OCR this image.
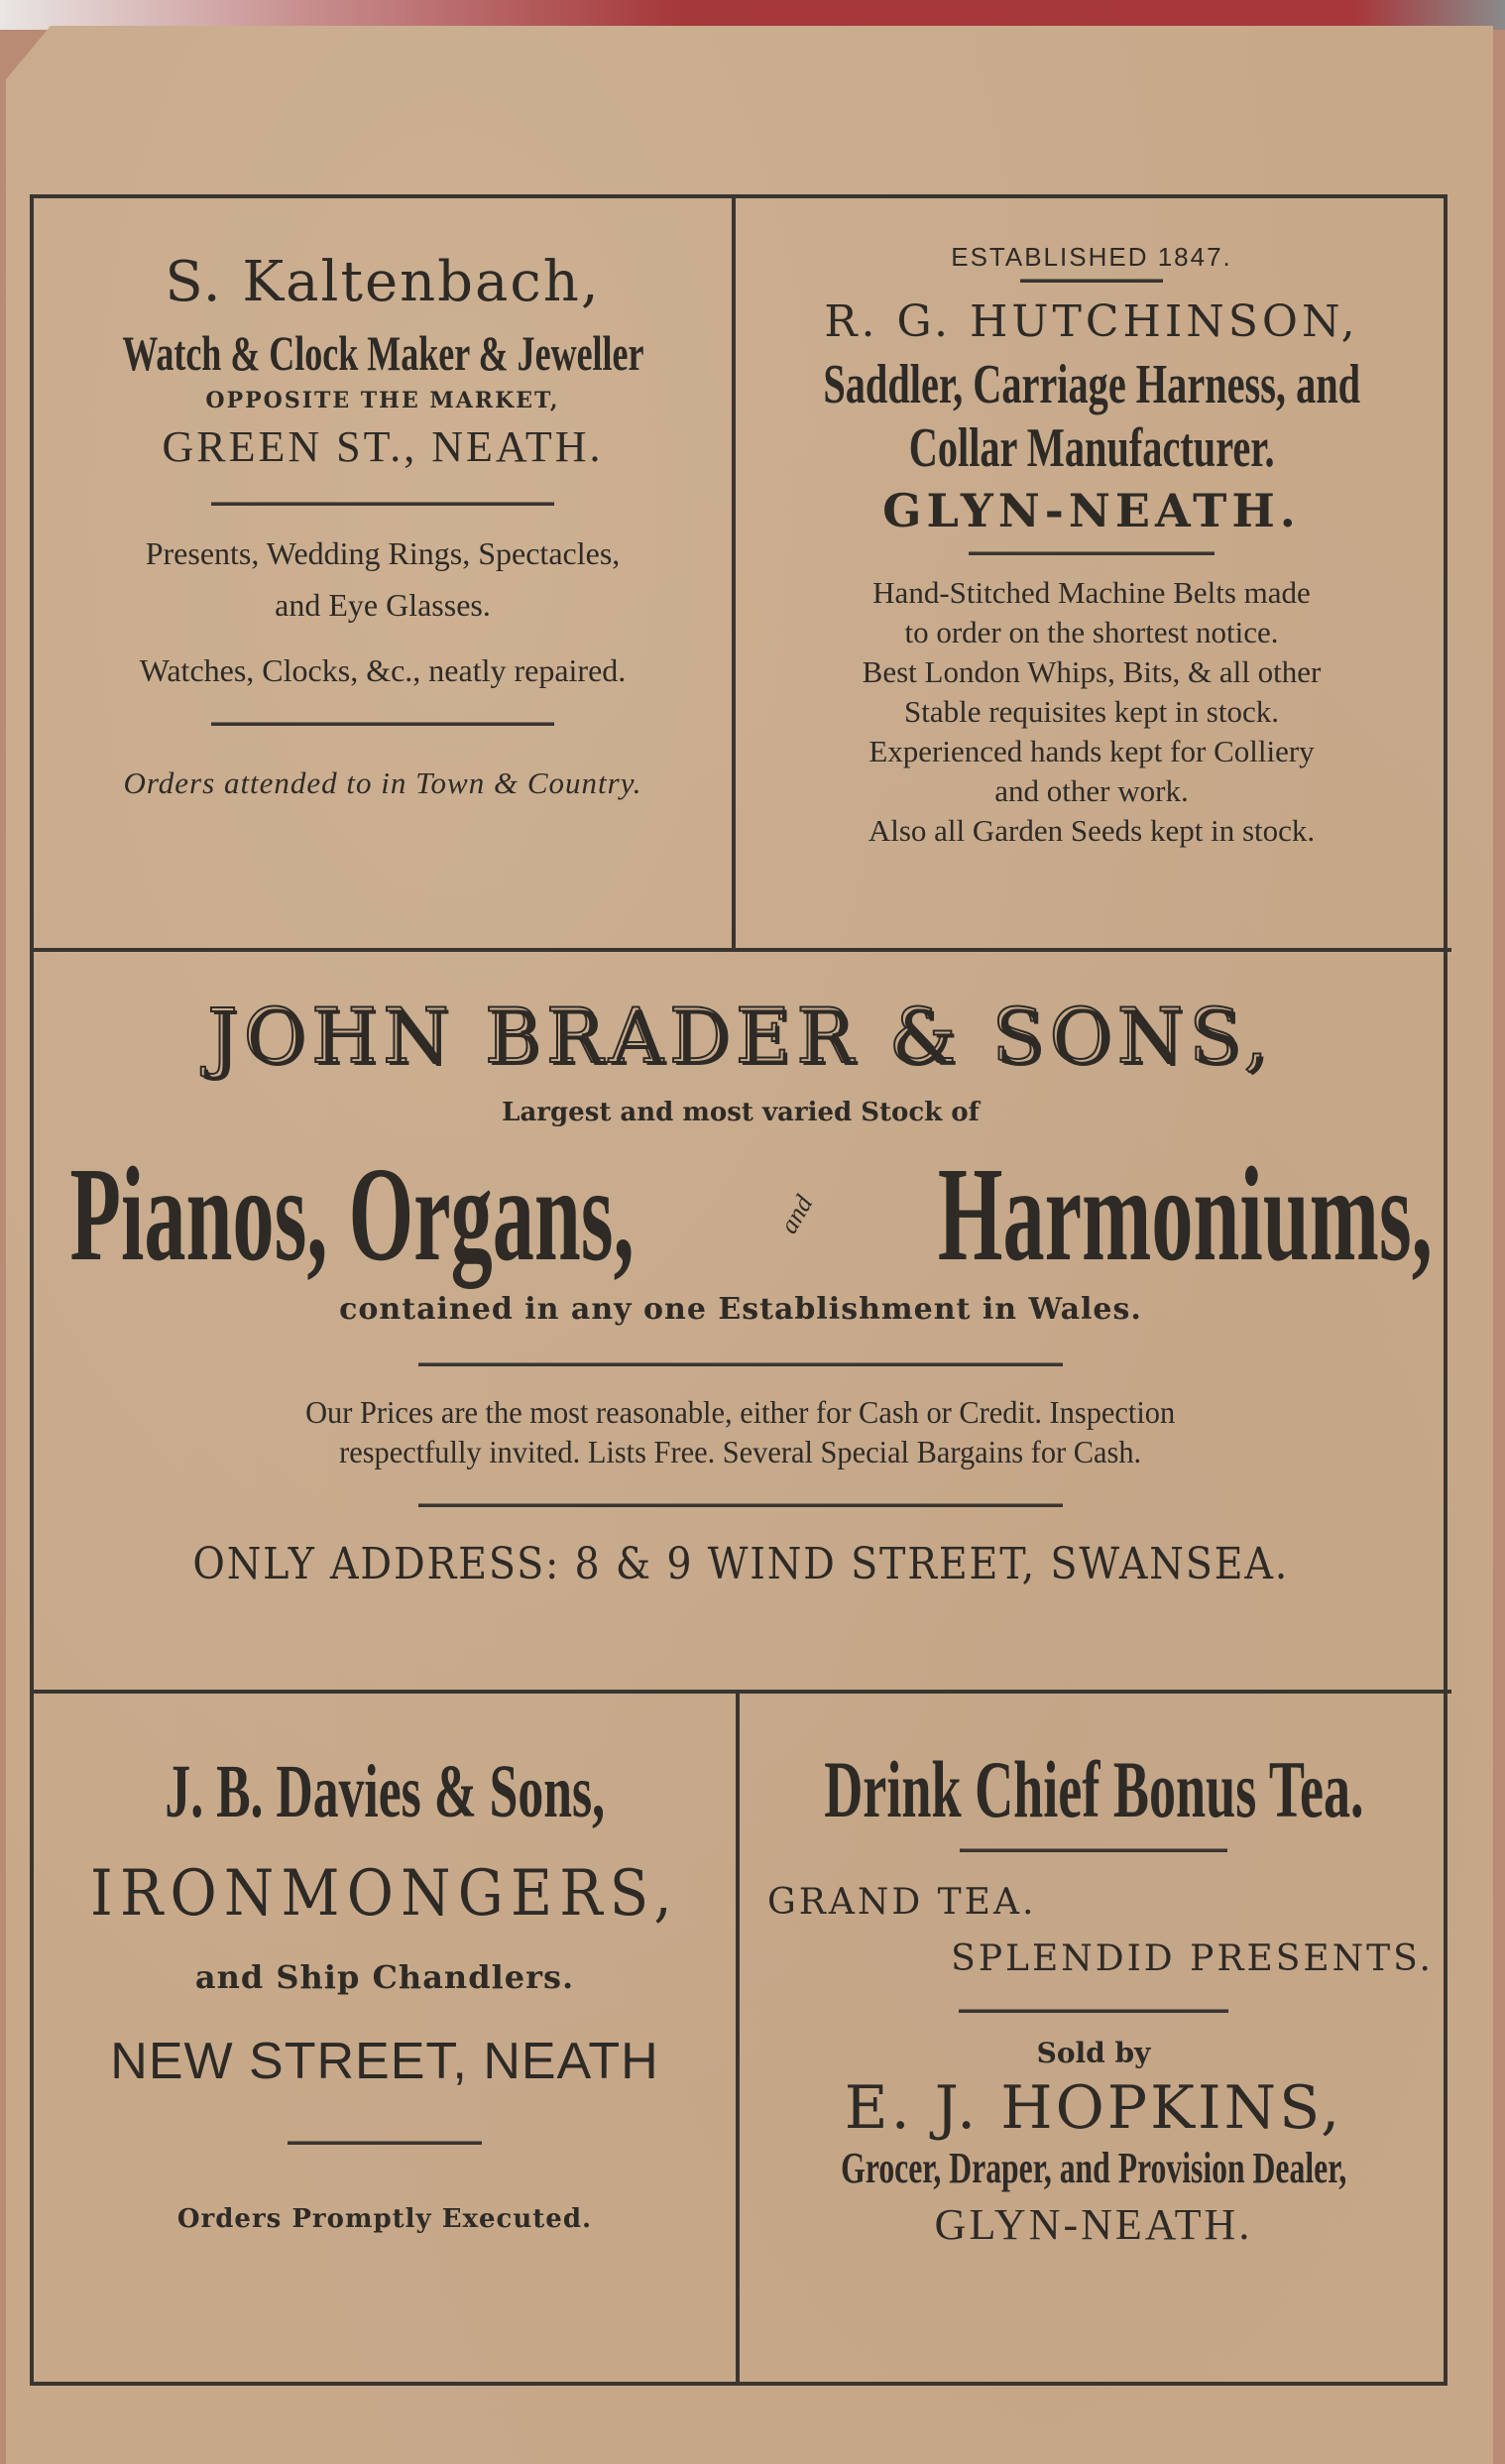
S. Kaltenbach,
Watch & Clock Maker & Jeweller
OPPOSITE THE MARKET,
GREEN ST., NEATH.
Presents, Wedding Rings, Spectacles,
and Eye Glasses.
Watches, Clocks, &c., neatly repaired.
Orders attended to in Town & Country.
ESTABLISHED 1847.
R. G. HUTCHINSON,
Saddler, Carriage Harness, and
Collar Manufacturer.
GLYN-NEATH.
Hand-Stitched Machine Belts made
to order on the shortest notice.
Best London Whips, Bits, & all other
Stable requisites kept in stock.
Experienced hands kept for Colliery
and other work.
Also all Garden Seeds kept in stock.
JOHN BRADER & SONS,
Largest and most varied Stock of
Pianos, Organs,	and Harmoniums,
contained in any one Establishment in Wales.
Our Prices are the most reasonable, either for Cash or Credit. Inspection
respectfully invited. Lists Free. Several Special Bargains for Cash.
ONLY ADDRESS: 8 & 9 WIND STREET, SWANSEA.
J. B. Davies & Sons,
IRONMONGERS,
and Ship Chandlers.
NEW STREET, NEATH
Orders Promptly Executed.
Drink Chief Bonus Tea.
GRAND TEA.
SPLENDID PRESENTS.
Sold by
E. J. HOPKINS,
Grocer, Draper, and Provision Dealer,
GLYN-NEATH.
